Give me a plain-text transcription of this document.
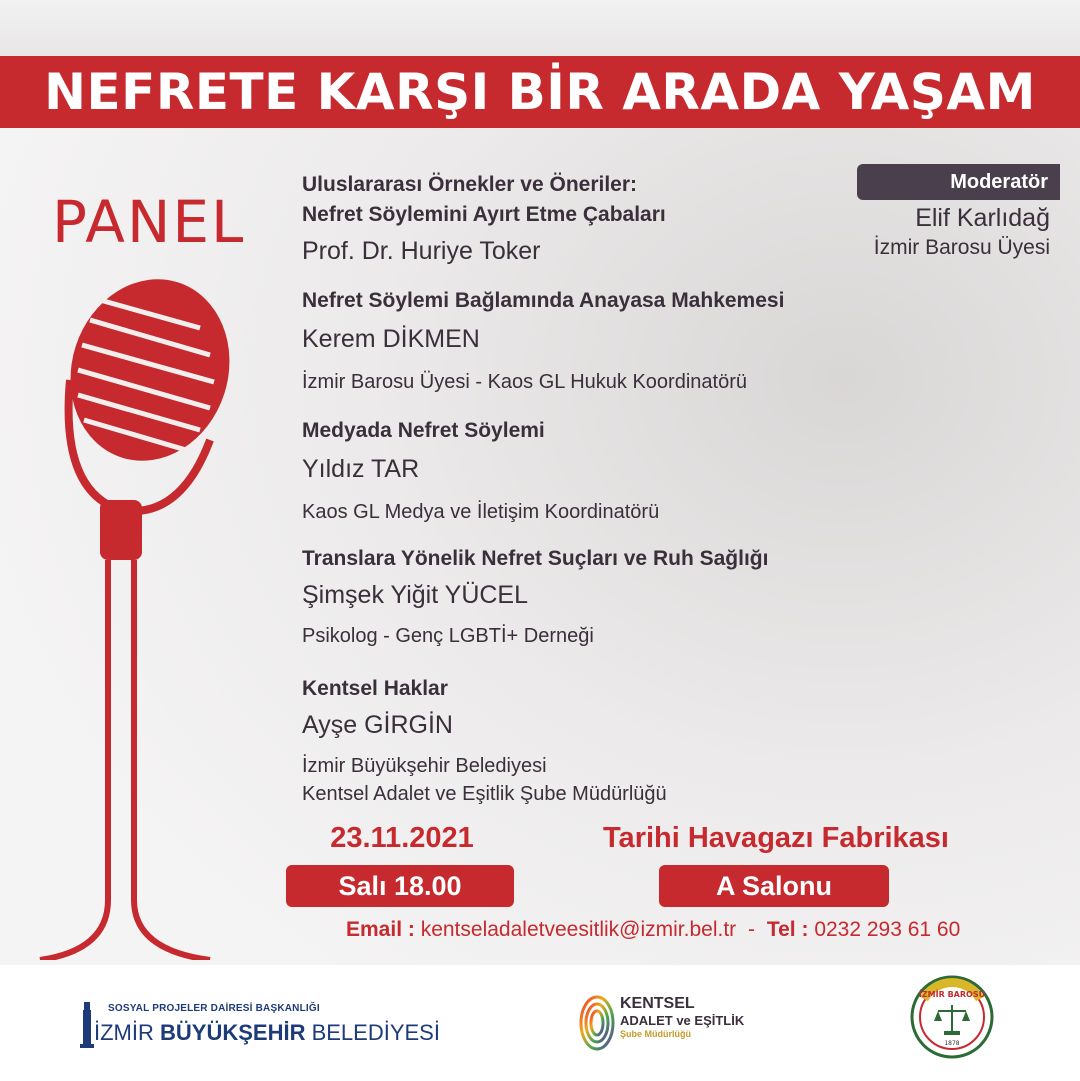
NEFRETE KARŞI BİR ARADA YAŞAM
PANEL
Moderatör
Elif Karlıdağ
İzmir Barosu Üyesi
Uluslararası Örnekler ve Öneriler:
Nefret Söylemini Ayırt Etme Çabaları
Prof. Dr. Huriye Toker
Nefret Söylemi Bağlamında Anayasa Mahkemesi
Kerem DİKMEN
İzmir Barosu Üyesi - Kaos GL Hukuk Koordinatörü
Medyada Nefret Söylemi
Yıldız TAR
Kaos GL Medya ve İletişim Koordinatörü
Translara Yönelik Nefret Suçları ve Ruh Sağlığı
Şimşek Yiğit YÜCEL
Psikolog - Genç LGBTİ+ Derneği
Kentsel Haklar
Ayşe GİRGİN
İzmir Büyükşehir Belediyesi
Kentsel Adalet ve Eşitlik Şube Müdürlüğü
23.11.2021	Tarihi Havagazı Fabrikası
Salı 18.00	A Salonu
Email : kentseladaletveesitlik@izmir.bel.tr - Tel : 0232 293 61 60
SOSYAL PROJELER DAİRESİ BAŞKANLIĞI
İZMİR BÜYÜKŞEHİR BELEDİYESİ
KENTSEL
ADALET ve EŞİTLİK
Şube Müdürlüğü
İZMİR BAROSU
1878
